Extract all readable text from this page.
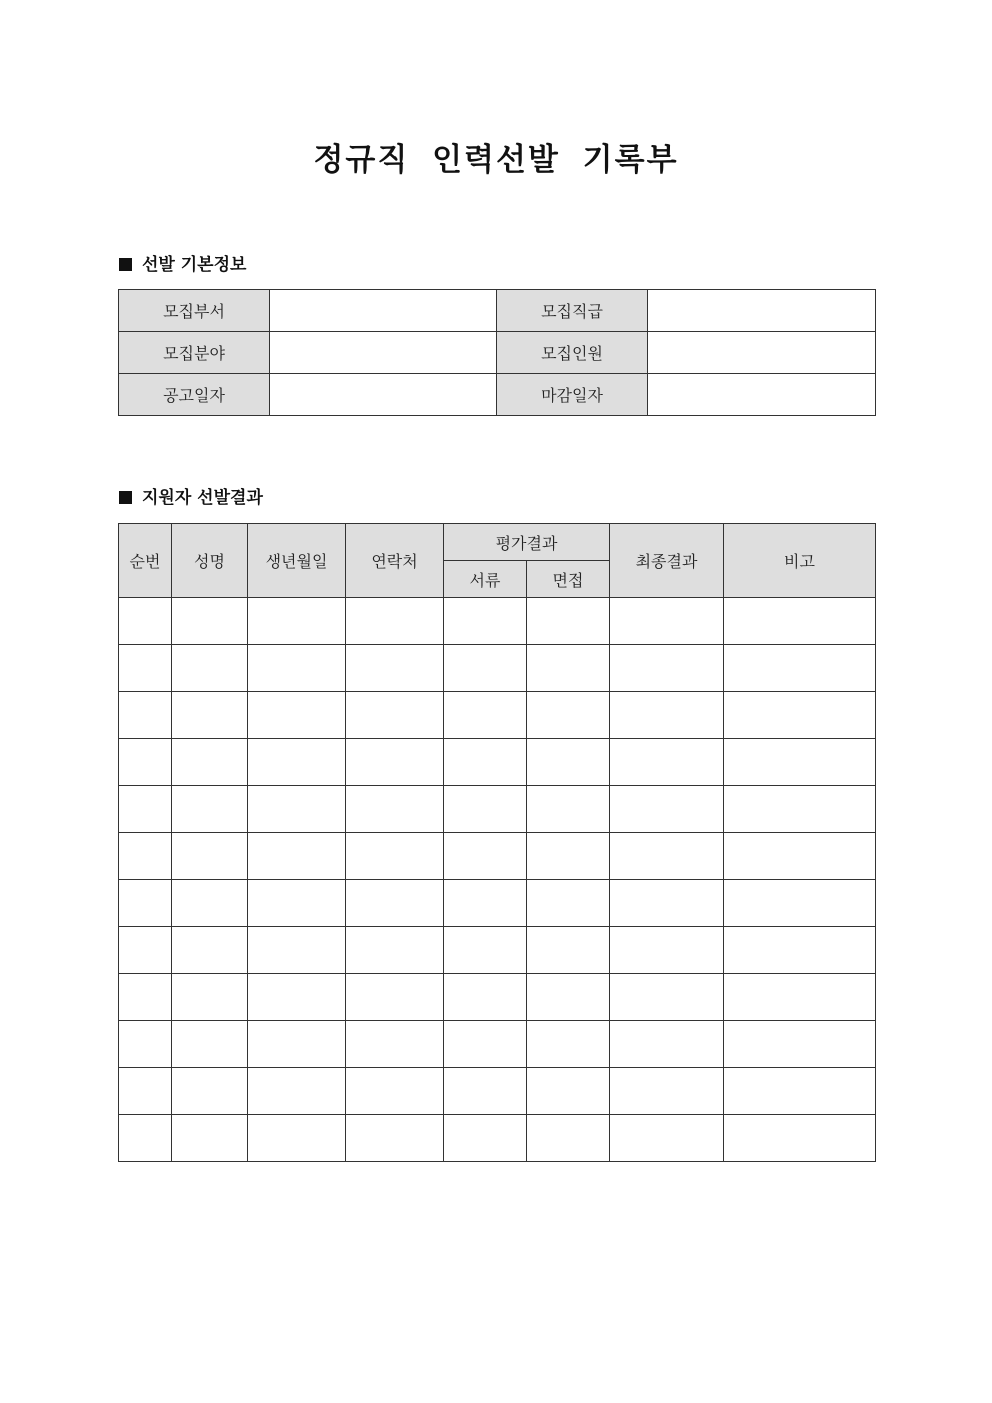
정규직 인력선발 기록부
선발 기본정보
모집부서		모집직급	
모집분야		모집인원	
공고일자		마감일자	
지원자 선발결과
순번	성명	생년월일	연락처	평가결과		최종결과	비고
				서류	면접		
